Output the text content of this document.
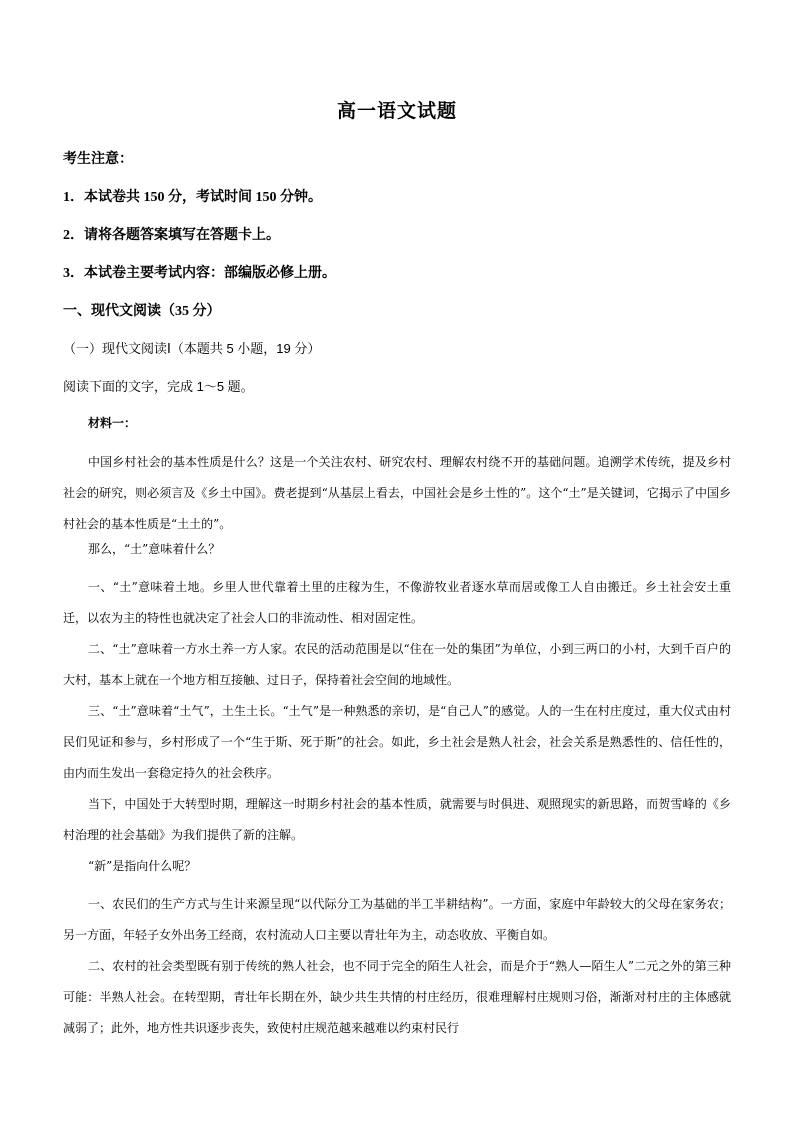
高一语文试题
考生注意：
1．本试卷共 150 分，考试时间 150 分钟。
2．请将各题答案填写在答题卡上。
3．本试卷主要考试内容：部编版必修上册。
一、现代文阅读（35 分）
（一）现代文阅读Ⅰ（本题共 5 小题，19 分）
阅读下面的文字，完成 1～5 题。
材料一：
中国乡村社会的基本性质是什么？这是一个关注农村、研究农村、理解农村绕不开的基础问题。追溯学术传统，提及乡村社会的研究，则必须言及《乡土中国》。费老提到“从基层上看去，中国社会是乡土性的”。这个“土”是关键词，它揭示了中国乡村社会的基本性质是“土土的”。
那么，“土”意味着什么？
一、“土”意味着土地。乡里人世代靠着土里的庄稼为生，不像游牧业者逐水草而居或像工人自由搬迁。乡土社会安土重迁，以农为主的特性也就决定了社会人口的非流动性、相对固定性。
二、“土”意味着一方水土养一方人家。农民的活动范围是以“住在一处的集团”为单位，小到三两口的小村，大到千百户的大村，基本上就在一个地方相互接触、过日子，保持着社会空间的地域性。
三、“土”意味着“土气”，土生土长。“土气”是一种熟悉的亲切，是“自己人”的感觉。人的一生在村庄度过，重大仪式由村民们见证和参与，乡村形成了一个“生于斯、死于斯”的社会。如此，乡土社会是熟人社会，社会关系是熟悉性的、信任性的，由内而生发出一套稳定持久的社会秩序。
当下，中国处于大转型时期，理解这一时期乡村社会的基本性质，就需要与时俱进、观照现实的新思路，而贺雪峰的《乡村治理的社会基础》为我们提供了新的注解。
“新”是指向什么呢？
一、农民们的生产方式与生计来源呈现“以代际分工为基础的半工半耕结构”。一方面，家庭中年龄较大的父母在家务农；另一方面，年轻子女外出务工经商，农村流动人口主要以青壮年为主，动态收放、平衡自如。
二、农村的社会类型既有别于传统的熟人社会，也不同于完全的陌生人社会，而是介于“熟人—陌生人”二元之外的第三种可能：半熟人社会。在转型期，青壮年长期在外，缺少共生共情的村庄经历，很难理解村庄规则习俗，渐渐对村庄的主体感就减弱了；此外，地方性共识逐步丧失，致使村庄规范越来越难以约束村民行
